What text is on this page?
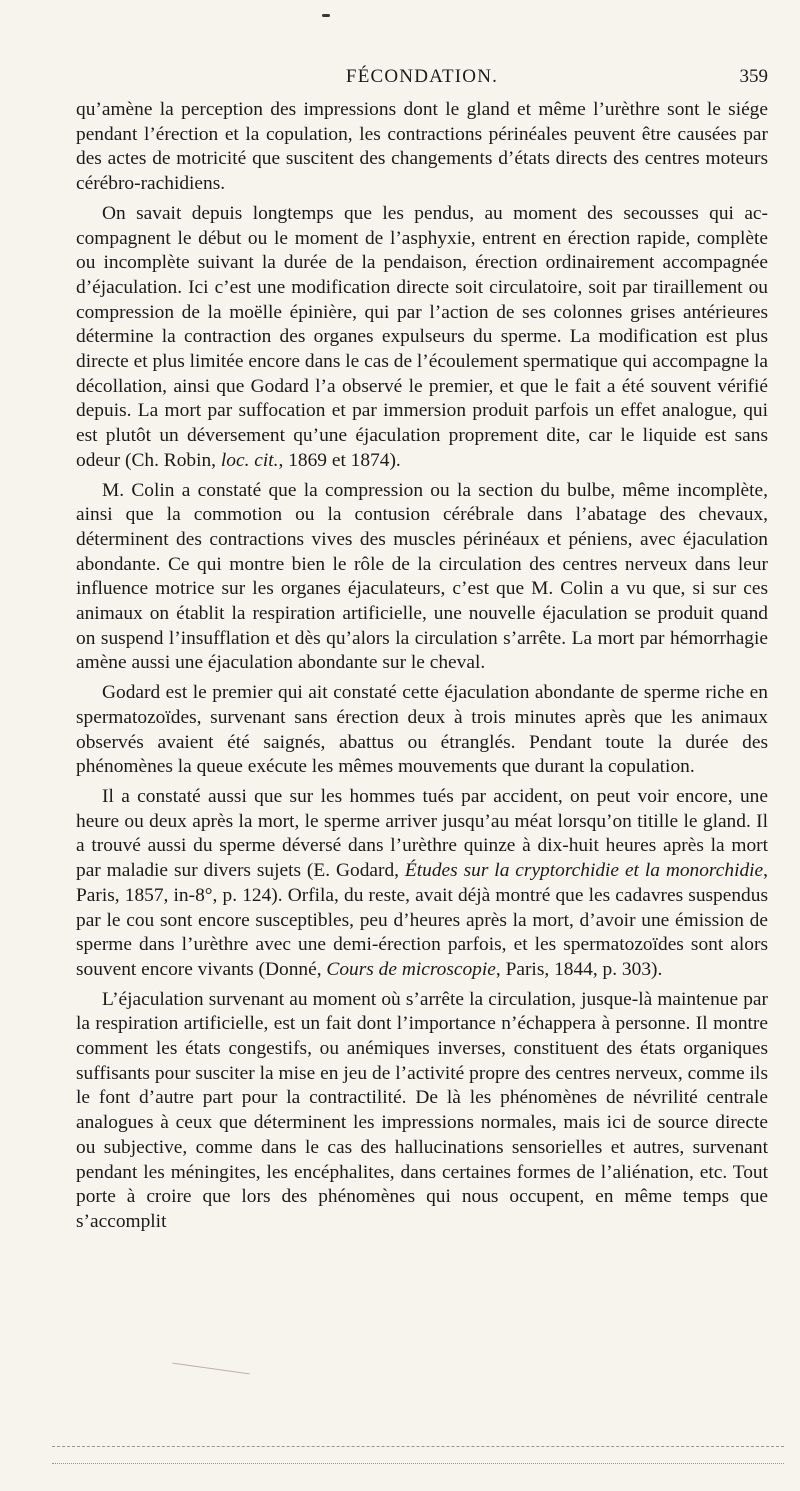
FÉCONDATION.	359

qu’amène la perception des impressions dont le gland et même l’urèthre sont le siége pendant l’érection et la copulation, les contractions périnéales peuvent être causées par des actes de motricité que suscitent des changements d’états directs des centres moteurs cérébro-rachidiens.

On savait depuis longtemps que les pendus, au moment des secousses qui accompagnent le début ou le moment de l’asphyxie, entrent en érection rapide, complète ou incomplète suivant la durée de la pendaison, érection ordinairement accompagnée d’éjaculation. Ici c’est une modification directe soit circulatoire, soit par tiraillement ou compression de la moëlle épinière, qui par l’action de ses colonnes grises antérieures détermine la contraction des organes expulseurs du sperme. La modification est plus directe et plus limitée encore dans le cas de l’écoulement spermatique qui accompagne la décollation, ainsi que Godard l’a observé le premier, et que le fait a été souvent vérifié depuis. La mort par suffocation et par immersion produit parfois un effet analogue, qui est plutôt un déversement qu’une éjaculation proprement dite, car le liquide est sans odeur (Ch. Robin, loc. cit., 1869 et 1874).

M. Colin a constaté que la compression ou la section du bulbe, même incomplète, ainsi que la commotion ou la contusion cérébrale dans l’abatage des chevaux, déterminent des contractions vives des muscles périnéaux et péniens, avec éjaculation abondante. Ce qui montre bien le rôle de la circulation des centres nerveux dans leur influence motrice sur les organes éjaculateurs, c’est que M. Colin a vu que, si sur ces animaux on établit la respiration artificielle, une nouvelle éjaculation se produit quand on suspend l’insufflation et dès qu’alors la circulation s’arrête. La mort par hémorrhagie amène aussi une éjaculation abondante sur le cheval.

Godard est le premier qui ait constaté cette éjaculation abondante de sperme riche en spermatozoïdes, survenant sans érection deux à trois minutes après que les animaux observés avaient été saignés, abattus ou étranglés. Pendant toute la durée des phénomènes la queue exécute les mêmes mouvements que durant la copulation.

Il a constaté aussi que sur les hommes tués par accident, on peut voir encore, une heure ou deux après la mort, le sperme arriver jusqu’au méat lorsqu’on titille le gland. Il a trouvé aussi du sperme déversé dans l’urèthre quinze à dix-huit heures après la mort par maladie sur divers sujets (E. Godard, Études sur la cryptorchidie et la monorchidie, Paris, 1857, in-8°, p. 124). Orfila, du reste, avait déjà montré que les cadavres suspendus par le cou sont encore susceptibles, peu d’heures après la mort, d’avoir une émission de sperme dans l’urèthre avec une demi-érection parfois, et les spermatozoïdes sont alors souvent encore vivants (Donné, Cours de microscopie, Paris, 1844, p. 303).

L’éjaculation survenant au moment où s’arrête la circulation, jusque-là maintenue par la respiration artificielle, est un fait dont l’importance n’échappera à personne. Il montre comment les états congestifs, ou anémiques inverses, constituent des états organiques suffisants pour susciter la mise en jeu de l’activité propre des centres nerveux, comme ils le font d’autre part pour la contractilité. De là les phénomènes de névrilité centrale analogues à ceux que déterminent les impressions normales, mais ici de source directe ou subjective, comme dans le cas des hallucinations sensorielles et autres, survenant pendant les méningites, les encéphalites, dans certaines formes de l’aliénation, etc. Tout porte à croire que lors des phénomènes qui nous occupent, en même temps que s’accomplit
